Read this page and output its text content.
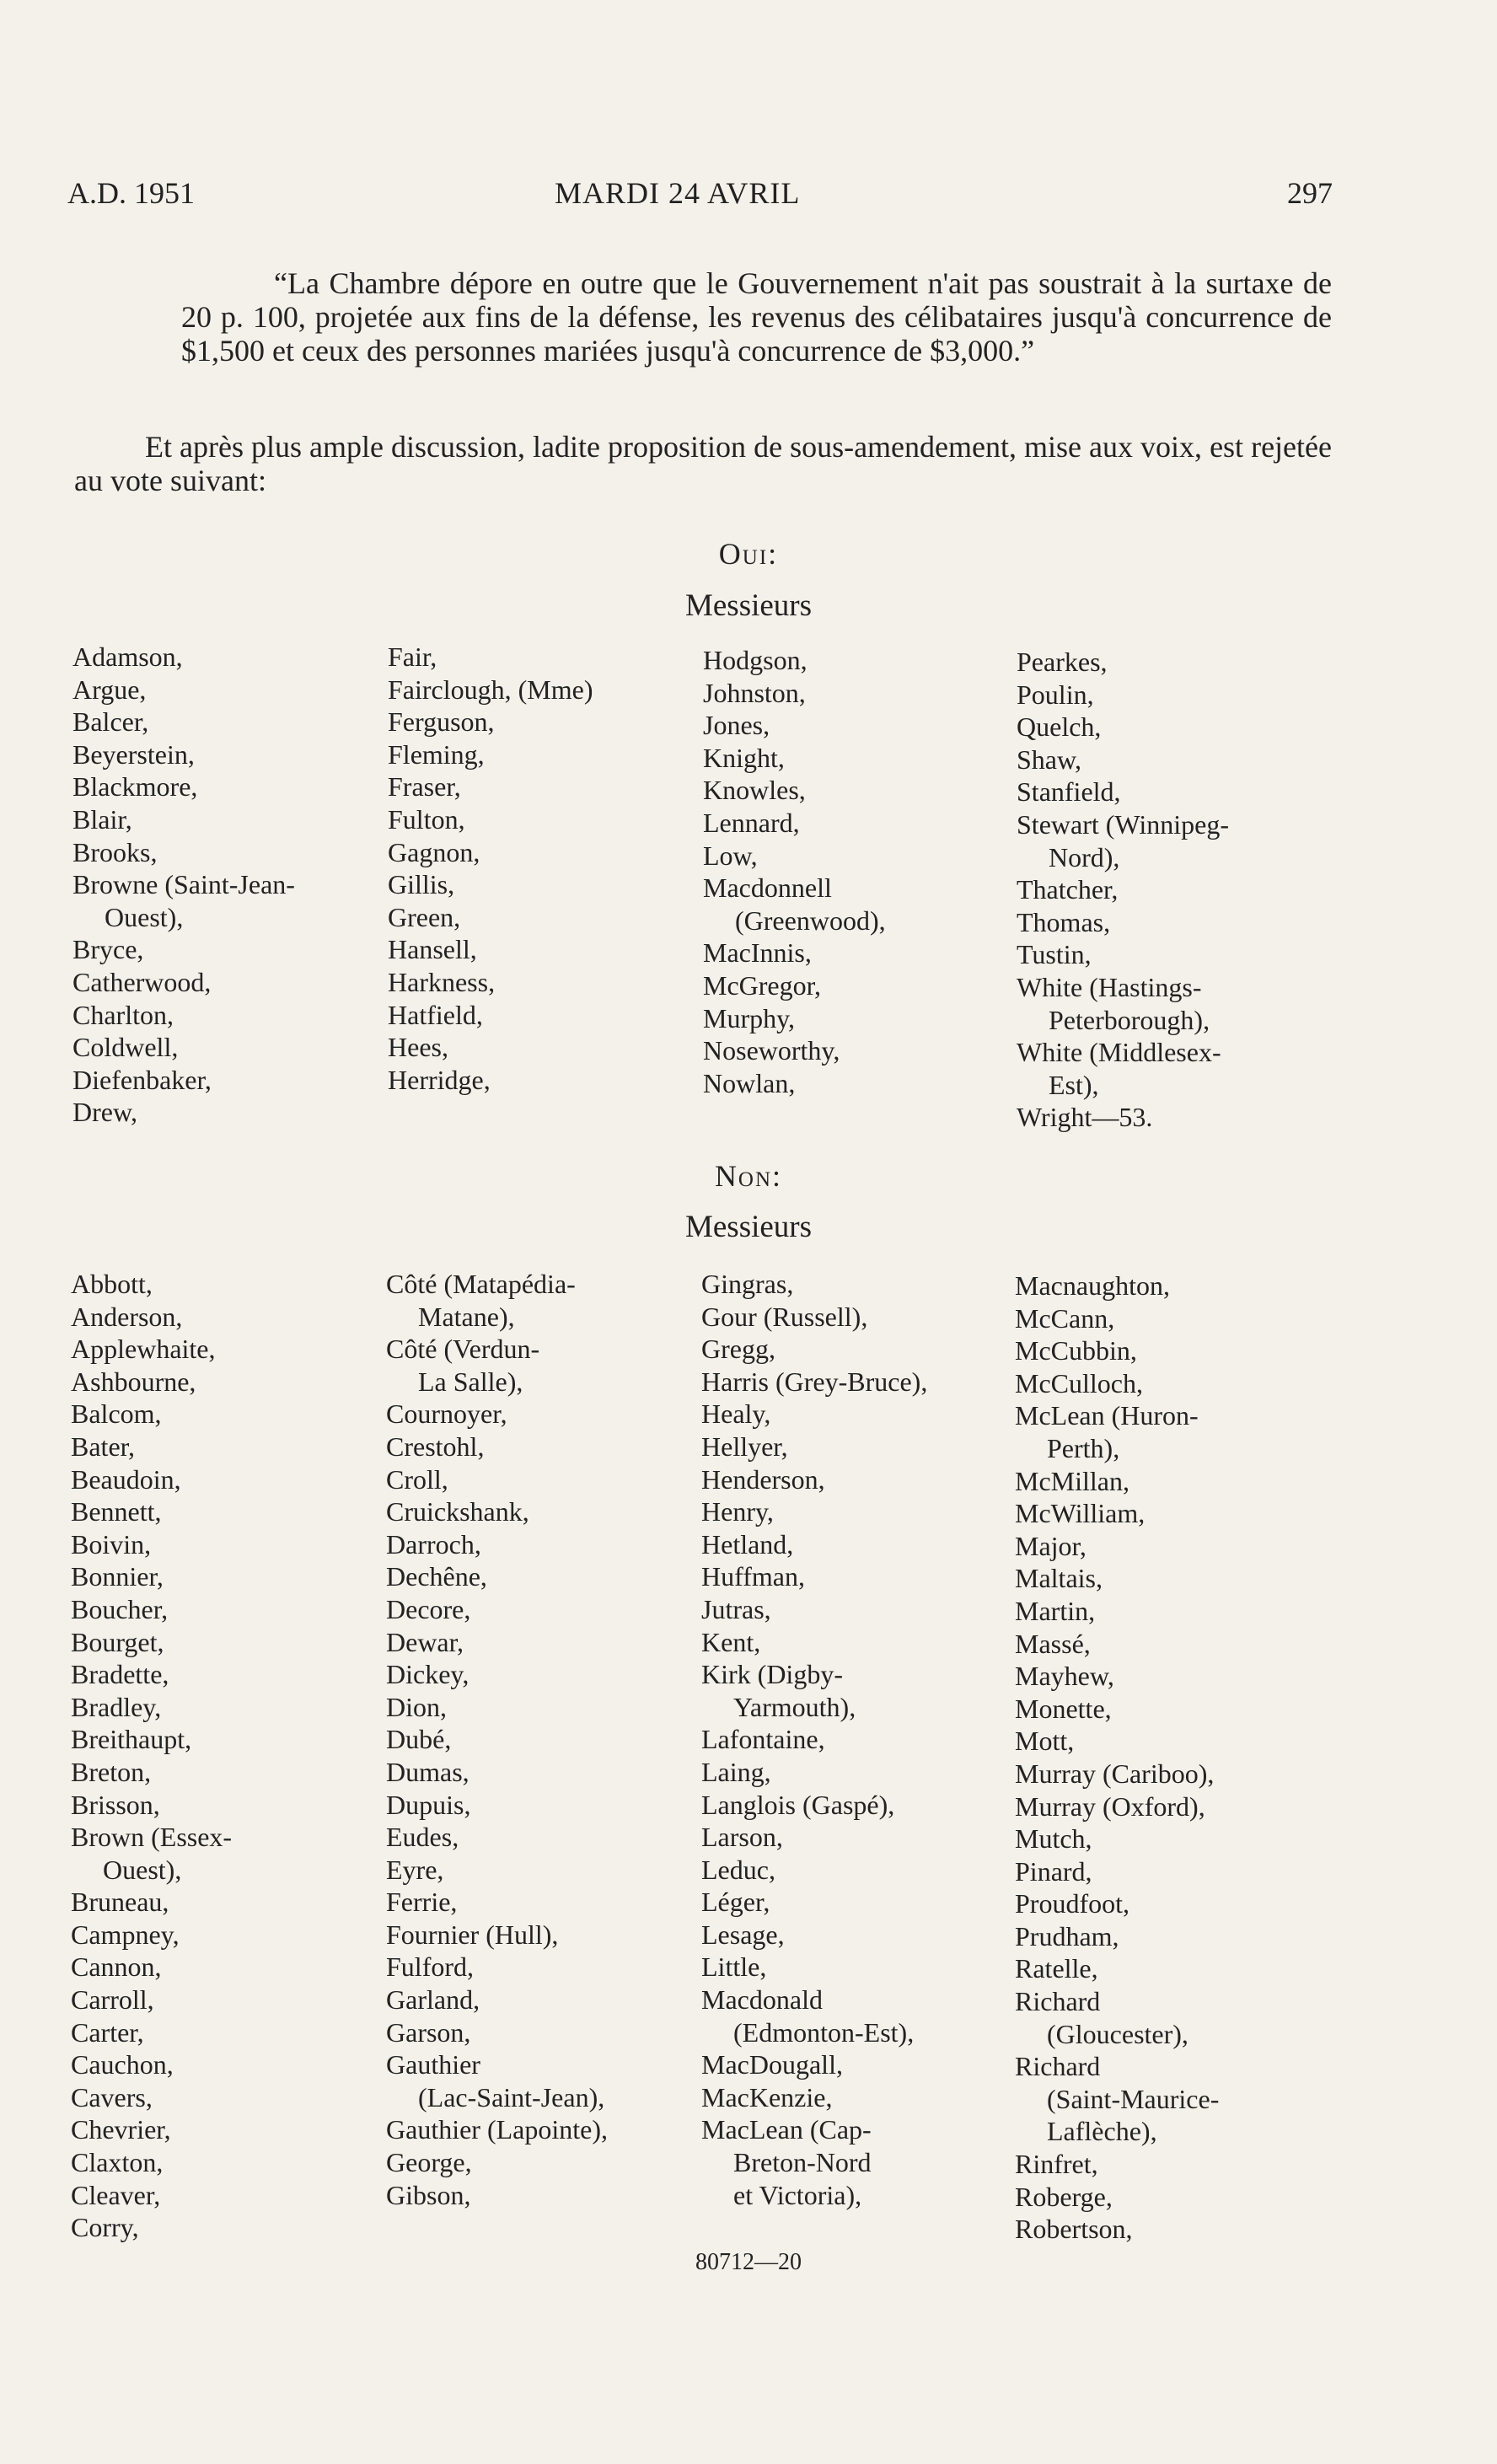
A.D. 1951	MARDI 24 AVRIL	297

“La Chambre dépore en outre que le Gouvernement n'ait pas soustrait à la surtaxe de 20 p. 100, projetée aux fins de la défense, les revenus des célibataires jusqu'à concurrence de $1,500 et ceux des personnes mariées jusqu'à concurrence de $3,000.”

Et après plus ample discussion, ladite proposition de sous-amendement, mise aux voix, est rejetée au vote suivant:

Oui:
Messieurs
Adamson,
Argue,
Balcer,
Beyerstein,
Blackmore,
Blair,
Brooks,
Browne (Saint-Jean-
Ouest),
Bryce,
Catherwood,
Charlton,
Coldwell,
Diefenbaker,
Drew,
Fair,
Fairclough, (Mme)
Ferguson,
Fleming,
Fraser,
Fulton,
Gagnon,
Gillis,
Green,
Hansell,
Harkness,
Hatfield,
Hees,
Herridge,
Hodgson,
Johnston,
Jones,
Knight,
Knowles,
Lennard,
Low,
Macdonnell
(Greenwood),
MacInnis,
McGregor,
Murphy,
Noseworthy,
Nowlan,
Pearkes,
Poulin,
Quelch,
Shaw,
Stanfield,
Stewart (Winnipeg-
Nord),
Thatcher,
Thomas,
Tustin,
White (Hastings-
Peterborough),
White (Middlesex-
Est),
Wright—53.
Non:
Messieurs
Abbott,
Anderson,
Applewhaite,
Ashbourne,
Balcom,
Bater,
Beaudoin,
Bennett,
Boivin,
Bonnier,
Boucher,
Bourget,
Bradette,
Bradley,
Breithaupt,
Breton,
Brisson,
Brown (Essex-
Ouest),
Bruneau,
Campney,
Cannon,
Carroll,
Carter,
Cauchon,
Cavers,
Chevrier,
Claxton,
Cleaver,
Corry,
Côté (Matapédia-
Matane),
Côté (Verdun-
La Salle),
Cournoyer,
Crestohl,
Croll,
Cruickshank,
Darroch,
Dechêne,
Decore,
Dewar,
Dickey,
Dion,
Dubé,
Dumas,
Dupuis,
Eudes,
Eyre,
Ferrie,
Fournier (Hull),
Fulford,
Garland,
Garson,
Gauthier
(Lac-Saint-Jean),
Gauthier (Lapointe),
George,
Gibson,
Gingras,
Gour (Russell),
Gregg,
Harris (Grey-Bruce),
Healy,
Hellyer,
Henderson,
Henry,
Hetland,
Huffman,
Jutras,
Kent,
Kirk (Digby-
Yarmouth),
Lafontaine,
Laing,
Langlois (Gaspé),
Larson,
Leduc,
Léger,
Lesage,
Little,
Macdonald
(Edmonton-Est),
MacDougall,
MacKenzie,
MacLean (Cap-
Breton-Nord
et Victoria),
Macnaughton,
McCann,
McCubbin,
McCulloch,
McLean (Huron-
Perth),
McMillan,
McWilliam,
Major,
Maltais,
Martin,
Massé,
Mayhew,
Monette,
Mott,
Murray (Cariboo),
Murray (Oxford),
Mutch,
Pinard,
Proudfoot,
Prudham,
Ratelle,
Richard
(Gloucester),
Richard
(Saint-Maurice-
Laflèche),
Rinfret,
Roberge,
Robertson,
80712—20
